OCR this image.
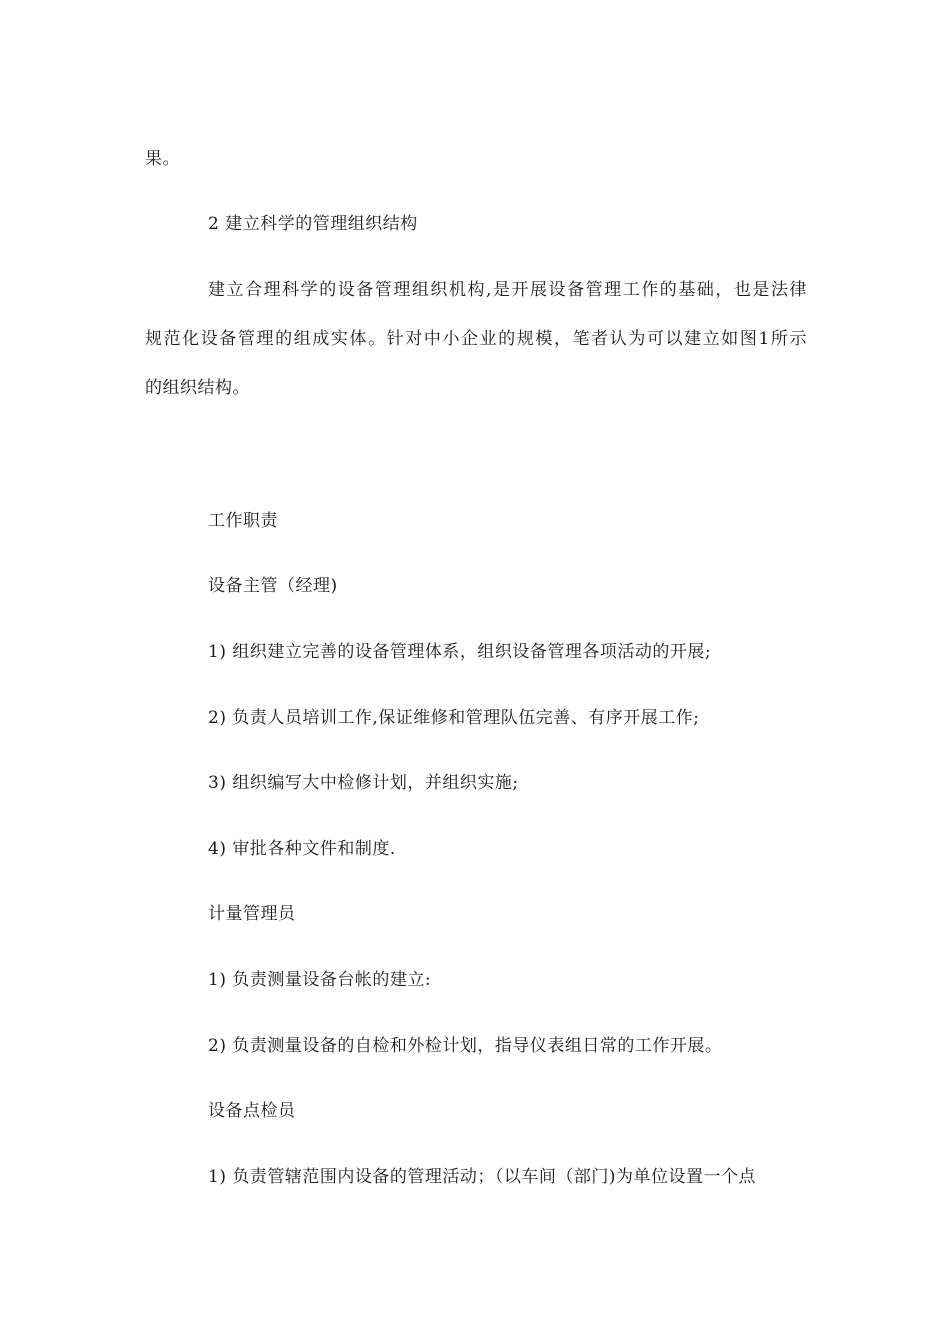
果。

2 建立科学的管理组织结构

建立合理科学的设备管理组织机构,是开展设备管理工作的基础，也是法律

规范化设备管理的组成实体。针对中小企业的规模，笔者认为可以建立如图1所示

的组织结构。

工作职责

设备主管（经理)

1) 组织建立完善的设备管理体系，组织设备管理各项活动的开展;

2) 负责人员培训工作,保证维修和管理队伍完善、有序开展工作;

3) 组织编写大中检修计划，并组织实施;

4) 审批各种文件和制度.

计量管理员

1) 负责测量设备台帐的建立:

2) 负责测量设备的自检和外检计划，指导仪表组日常的工作开展。

设备点检员

1) 负责管辖范围内设备的管理活动；（以车间（部门)为单位设置一个点
